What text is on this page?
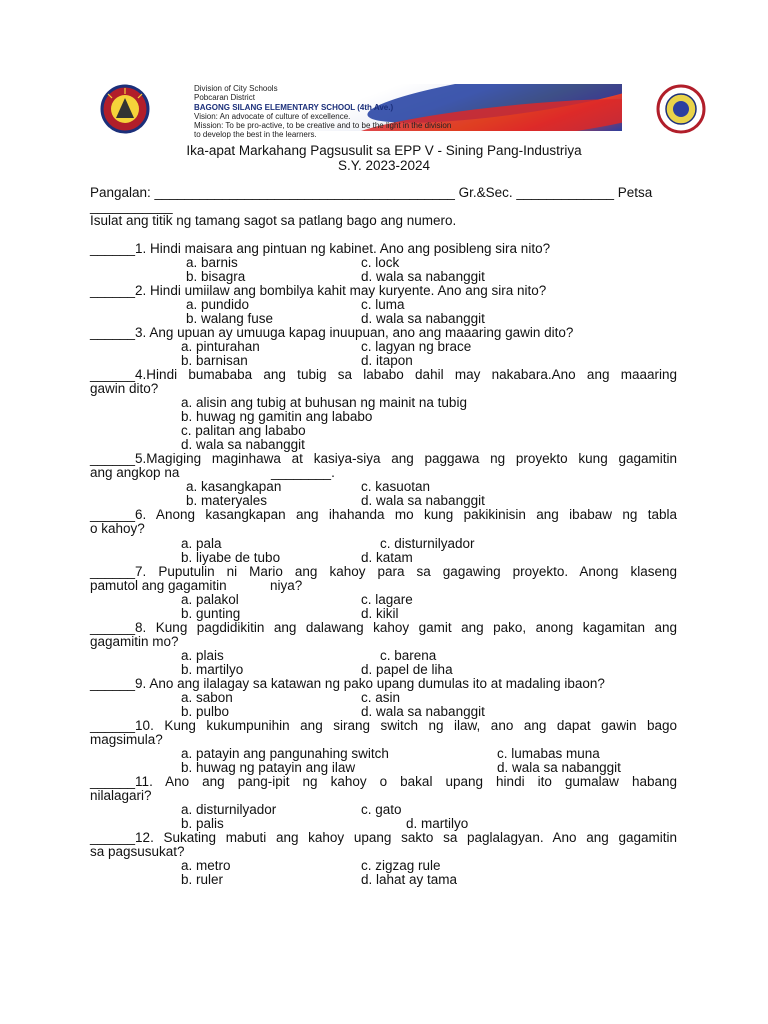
Division of City Schools
Pobcaran District
BAGONG SILANG ELEMENTARY SCHOOL (4th Ave.)
Vision: An advocate of culture of excellence.
Mission: To be pro-active, to be creative and to be the light in the division
to develop the best in the learners.
Ika-apat Markahang Pagsusulit sa EPP V - Sining Pang-Industriya
S.Y. 2023-2024
Pangalan: ________________________________________ Gr.&Sec. _____________ Petsa
___________
Isulat ang titik ng tamang sagot sa patlang bago ang numero.
______1. Hindi maisara ang pintuan ng kabinet. Ano ang posibleng sira nito?
a. barnis	c. lock
b. bisagra	d. wala sa nabanggit
______2. Hindi umiilaw ang bombilya kahit may kuryente. Ano ang sira nito?
a. pundido	c. luma
b. walang fuse	d. wala sa nabanggit
______3. Ang upuan ay umuuga kapag inuupuan, ano ang maaaring gawin dito?
a. pinturahan	c. lagyan ng brace
b. barnisan	d. itapon
______4.Hindi bumababa ang tubig sa lababo dahil may nakabara.Ano ang maaaring
gawin dito?
a. alisin ang tubig at buhusan ng mainit na tubig
b. huwag ng gamitin ang lababo
c. palitan ang lababo
d. wala sa nabanggit
______5.Magiging maginhawa at kasiya-siya ang paggawa ng proyekto kung gagamitin
ang angkop na	________.
a. kasangkapan	c. kasuotan
b. materyales	d. wala sa nabanggit
______6. Anong kasangkapan ang ihahanda mo kung pakikinisin ang ibabaw ng tabla
o kahoy?
a. pala	c. disturnilyador
b. liyabe de tubo	d. katam
______7. Puputulin ni Mario ang kahoy para sa gagawing proyekto. Anong klaseng
pamutol ang gagamitin	niya?
a. palakol	c. lagare
b. gunting	d. kikil
______8. Kung pagdidikitin ang dalawang kahoy gamit ang pako, anong kagamitan ang
gagamitin mo?
a. plais	c. barena
b. martilyo	d. papel de liha
______9. Ano ang ilalagay sa katawan ng pako upang dumulas ito at madaling ibaon?
a. sabon	c. asin
b. pulbo	d. wala sa nabanggit
______10. Kung kukumpunihin ang sirang switch ng ilaw, ano ang dapat gawin bago
magsimula?
a. patayin ang pangunahing switch	c. lumabas muna
b. huwag ng patayin ang ilaw	d. wala sa nabanggit
______11. Ano ang pang-ipit ng kahoy o bakal upang hindi ito gumalaw habang
nilalagari?
a. disturnilyador	c. gato
b. palis	d. martilyo
______12. Sukating mabuti ang kahoy upang sakto sa paglalagyan. Ano ang gagamitin
sa pagsusukat?
a. metro	c. zigzag rule
b. ruler	d. lahat ay tama
